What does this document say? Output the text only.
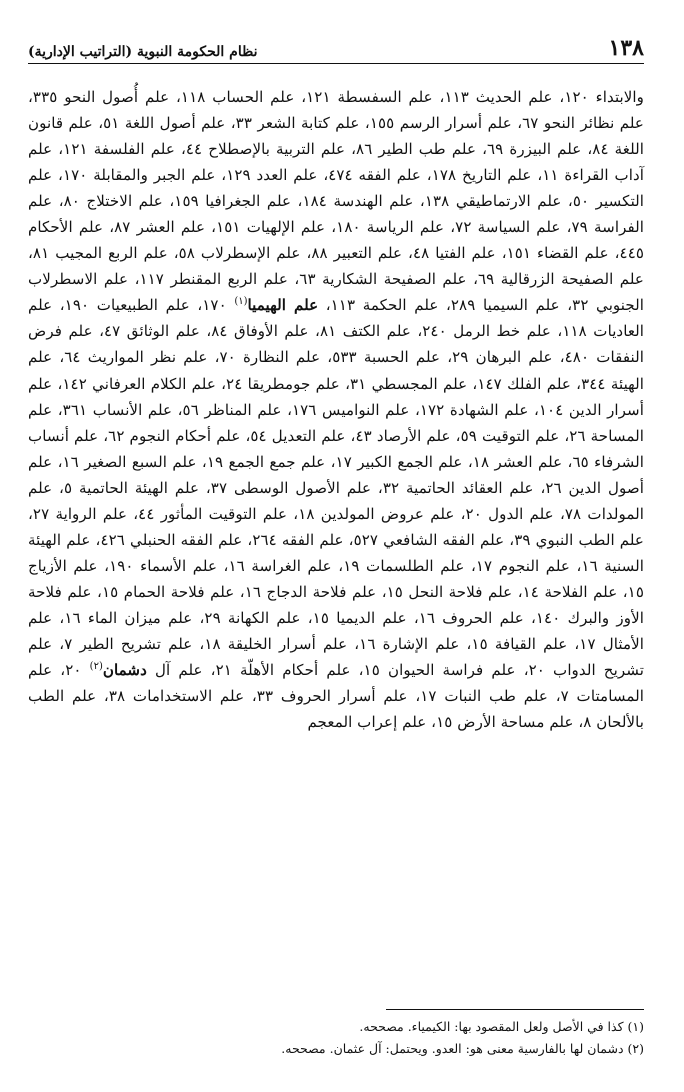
١٣٨
نظام الحكومة النبوية (التراتيب الإدارية)

والابتداء ١٢٠، علم الحديث ١١٣، علم السفسطة ١٢١، علم الحساب ١١٨، علم أُصول النحو ٣٣٥، علم نظائر النحو ٦٧، علم أسرار الرسم ١٥٥، علم كتابة الشعر ٣٣، علم أصول اللغة ٥١، علم قانون اللغة ٨٤، علم البيزرة ٦٩، علم طب الطير ٨٦، علم التربية بالإصطلاح ٤٤، علم الفلسفة ١٢١، علم آداب القراءة ١١، علم التاريخ ١٧٨، علم الفقه ٤٧٤، علم العدد ١٢٩، علم الجبر والمقابلة ١٧٠، علم التكسير ٥٠، علم الارتماطيقي ١٣٨، علم الهندسة ١٨٤، علم الجغرافيا ١٥٩، علم الاختلاج ٨٠، علم الفراسة ٧٩، علم السياسة ٧٢، علم الرياسة ١٨٠، علم الإلهيات ١٥١، علم العشر ٨٧، علم الأحكام ٤٤٥، علم القضاء ١٥١، علم الفتيا ٤٨، علم التعبير ٨٨، علم الإسطرلاب ٥٨، علم الربع المجيب ٨١، علم الصفيحة الزرقالية ٦٩، علم الصفيحة الشكارية ٦٣، علم الربع المقنطر ١١٧، علم الاسطرلاب الجنوبي ٣٢، علم السيميا ٢٨٩، علم الحكمة ١١٣، علم الهيميا$^{(١)}$ ١٧٠، علم الطبيعيات ١٩٠، علم العاديات ١١٨، علم خط الرمل ٢٤٠، علم الكتف ٨١، علم الأوفاق ٨٤، علم الوثائق ٤٧، علم فرض النفقات ٤٨٠، علم البرهان ٢٩، علم الحسبة ٥٣٣، علم النظارة ٧٠، علم نظر المواريث ٦٤، علم الهيئة ٣٤٤، علم الفلك ١٤٧، علم المجسطي ٣١، علم جومطريقا ٢٤، علم الكلام العرفاني ١٤٢، علم أسرار الدين ١٠٤، علم الشهادة ١٧٢، علم النواميس ١٧٦، علم المناظر ٥٦، علم الأنساب ٣٦١، علم المساحة ٢٦، علم التوقيت ٥٩، علم الأرصاد ٤٣، علم التعديل ٥٤، علم أحكام النجوم ٦٢، علم أنساب الشرفاء ٦٥، علم العشر ١٨، علم الجمع الكبير ١٧، علم جمع الجمع ١٩، علم السبع الصغير ١٦، علم أصول الدين ٢٦، علم العقائد الحاتمية ٣٢، علم الأصول الوسطى ٣٧، علم الهيئة الحاتمية ٥، علم المولدات ٧٨، علم الدول ٢٠، علم عروض المولدين ١٨، علم التوقيت المأثور ٤٤، علم الرواية ٢٧، علم الطب النبوي ٣٩، علم الفقه الشافعي ٥٢٧، علم الفقه ٢٦٤، علم الفقه الحنبلي ٤٢٦، علم الهيئة السنية ١٦، علم النجوم ١٧، علم الطلسمات ١٩، علم الغراسة ١٦، علم الأسماء ١٩٠، علم الأزياج ١٥، علم الفلاحة ١٤، علم فلاحة النحل ١٥، علم فلاحة الدجاج ١٦، علم فلاحة الحمام ١٥، علم فلاحة الأوز والبرك ١٤٠، علم الحروف ١٦، علم الديميا ١٥، علم الكهانة ٢٩، علم ميزان الماء ١٦، علم الأمثال ١٧، علم القيافة ١٥، علم الإشارة ١٦، علم أسرار الخليقة ١٨، علم تشريح الطير ٧، علم تشريح الدواب ٢٠، علم فراسة الحيوان ١٥، علم أحكام الأهلّة ٢١، علم آل دشمان$^{(٢)}$ ٢٠، علم المسامتات ٧، علم طب النبات ١٧، علم أسرار الحروف ٣٣، علم الاستخدامات ٣٨، علم الطب بالألحان ٨، علم مساحة الأرض ١٥، علم إعراب المعجم

(١) كذا في الأصل ولعل المقصود بها: الكيمياء. مصححه.

(٢) دشمان لها بالفارسية معنى هو: العدو. ويحتمل: آل عثمان. مصححه.
